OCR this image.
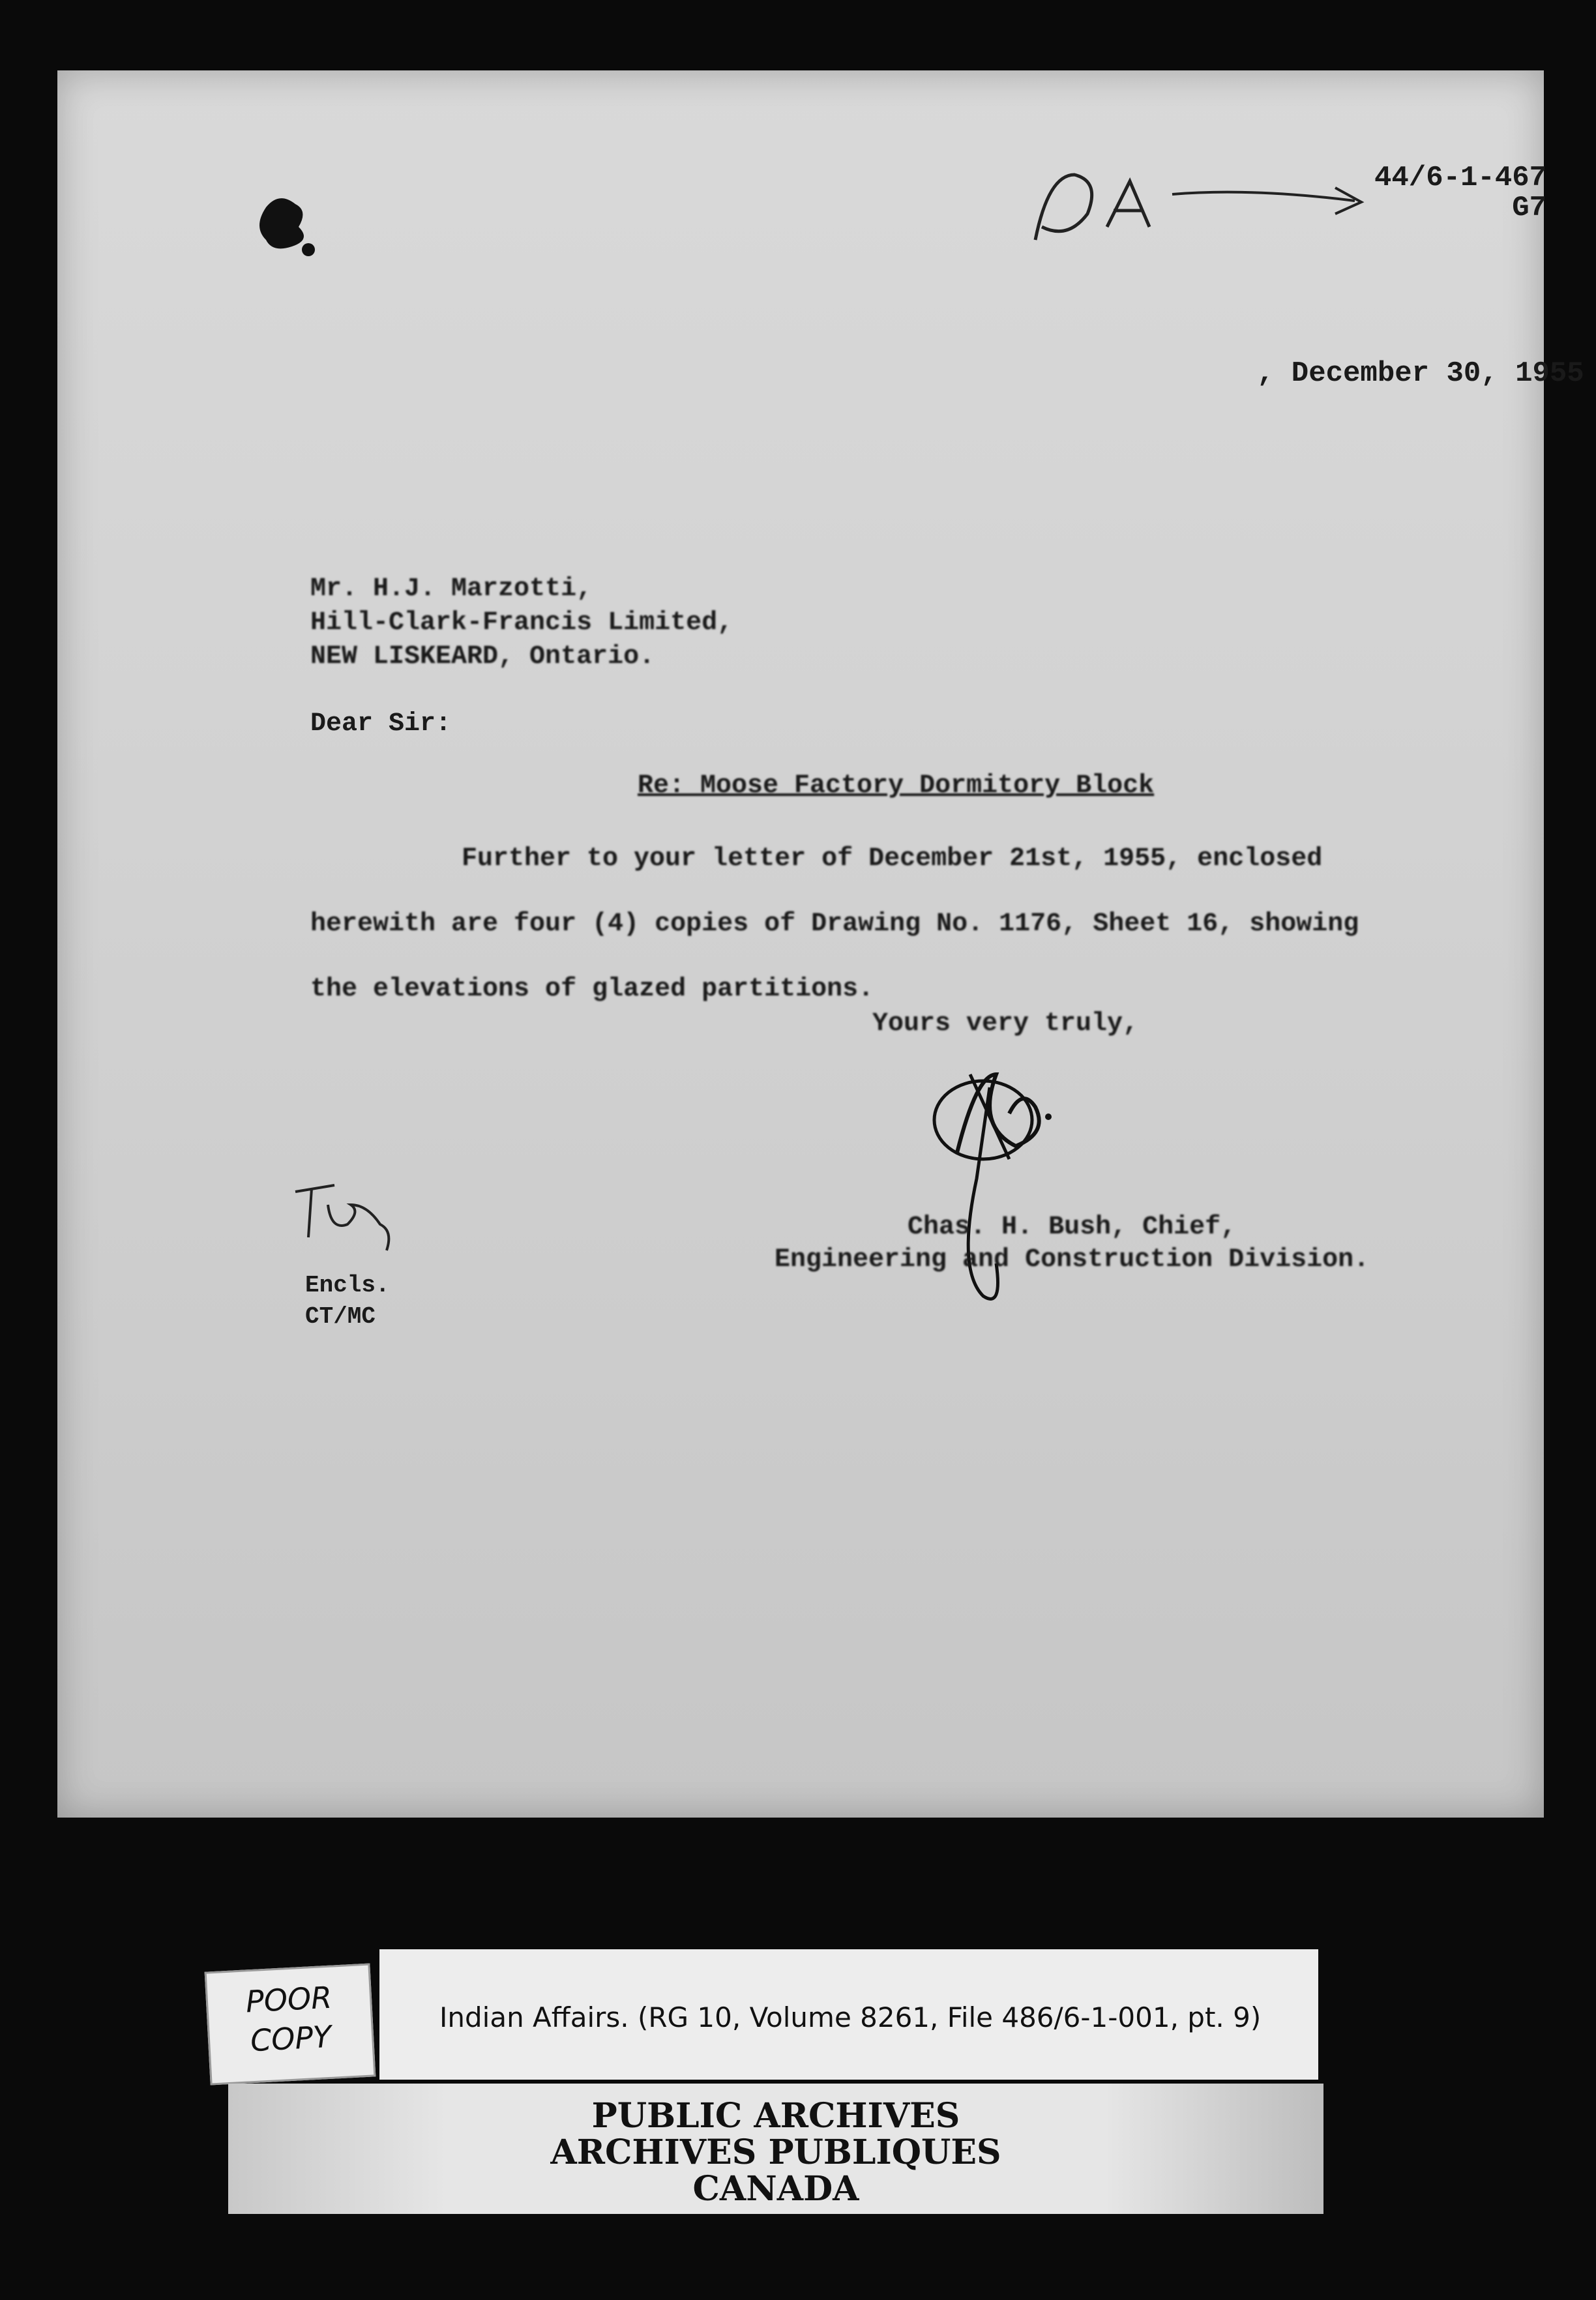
44/6-1-467
G7
, December 30, 1955
Mr. H.J. Marzotti,
Hill-Clark-Francis Limited,
NEW LISKEARD, Ontario.
Dear Sir:
Re: Moose Factory Dormitory Block
Further to your letter of December 21st, 1955, enclosed
herewith are four (4) copies of Drawing No. 1176, Sheet 16, showing
the elevations of glazed partitions.
Yours very truly,
Chas. H. Bush, Chief,
Engineering and Construction Division.
Encls.
CT/MC
POOR
COPY
Indian Affairs. (RG 10, Volume 8261, File 486/6-1-001, pt. 9)
PUBLIC ARCHIVES
ARCHIVES PUBLIQUES
CANADA
